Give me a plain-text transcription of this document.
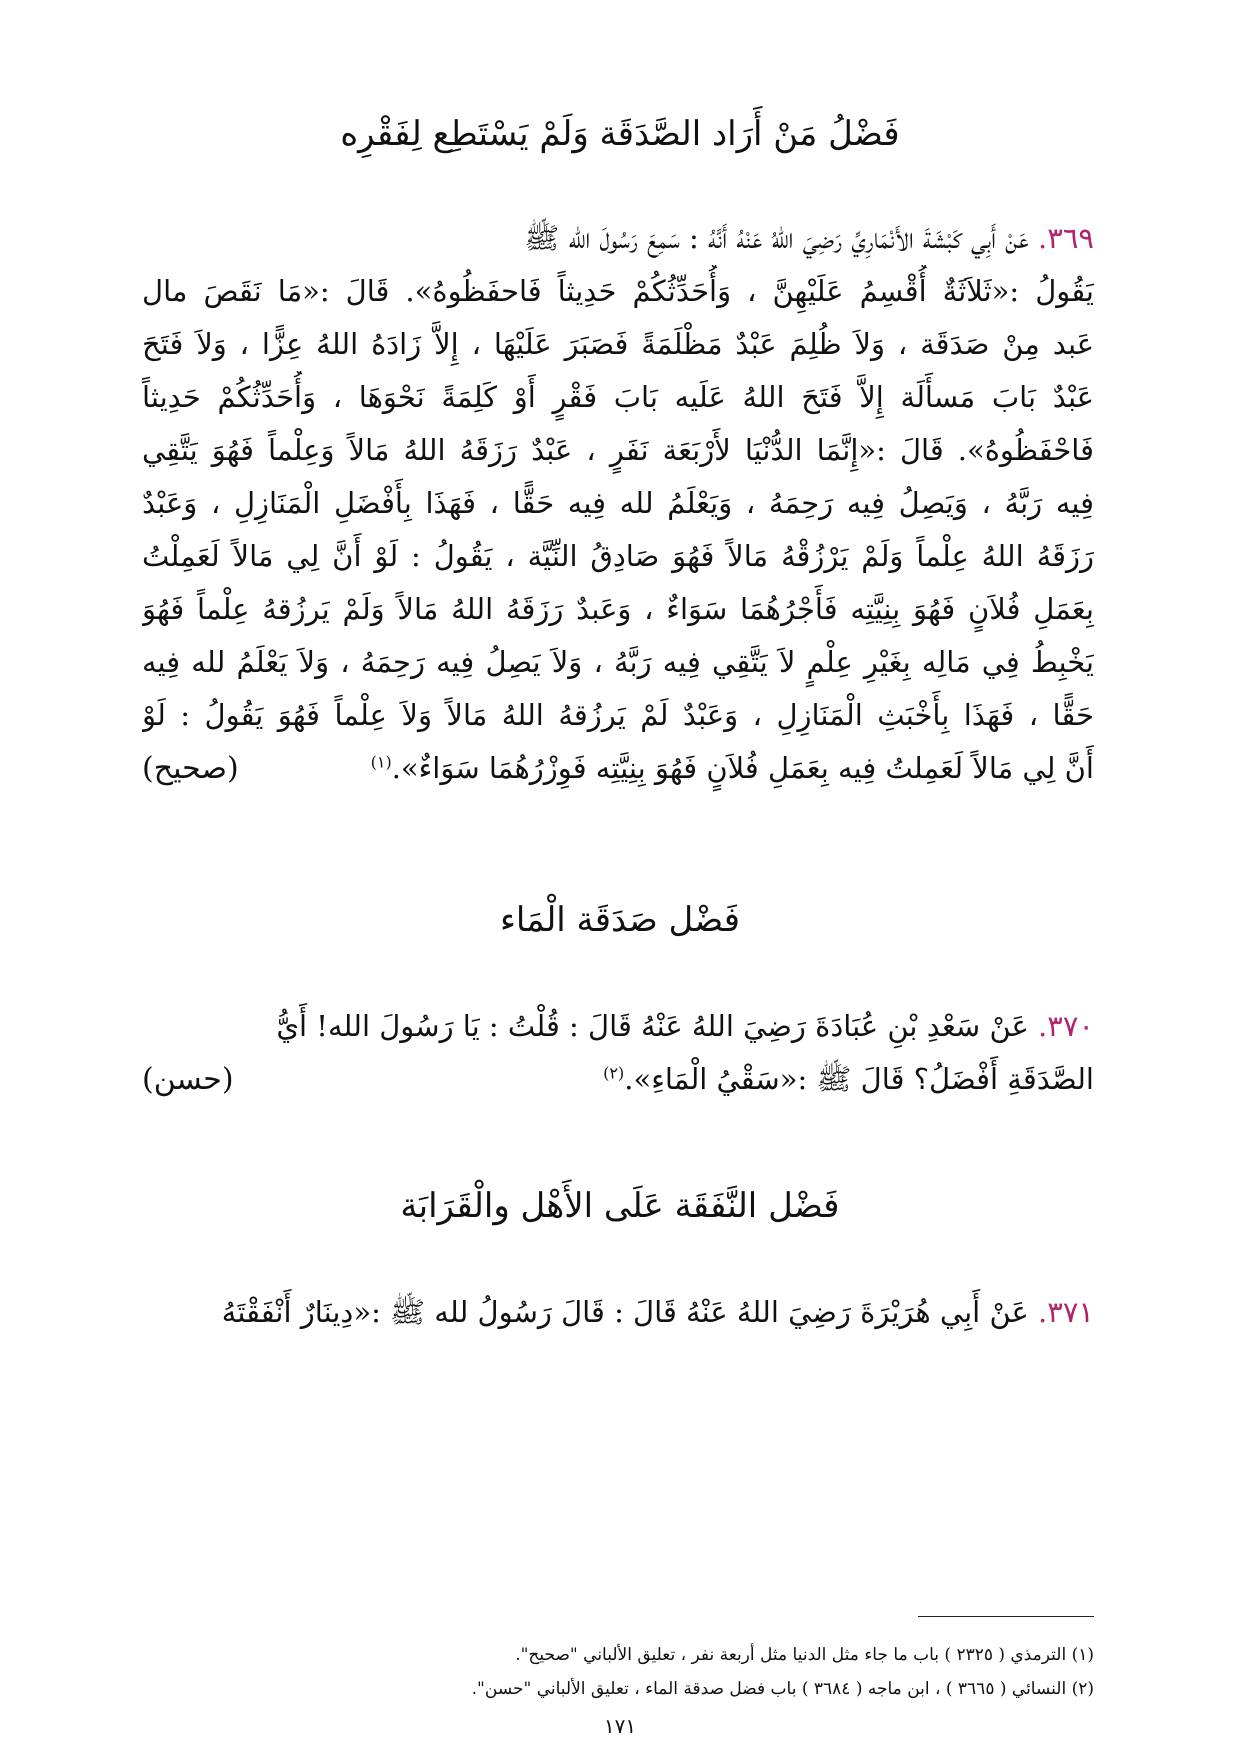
فَضْلُ مَنْ أَرَاد الصَّدَقَة وَلَمْ يَسْتَطِع لِفَقْرِه
٣٦٩. عَنْ أَبِي كَبْشَةَ الأَنْمَارِيِّ رَضِيَ اللهُ عَنْهُ أَنَّهُ : سَمِعَ رَسُولَ الله ﷺ
يَقُولُ :«ثَلاَثَةٌ أُقْسِمُ عَلَيْهِنَّ ، وَأُحَدِّثُكُمْ حَدِيثاً فَاحفَظُوهُ». قَالَ :«مَا نَقَصَ مال
عَبد مِنْ صَدَقَة ، وَلاَ ظُلِمَ عَبْدٌ مَظْلَمَةً فَصَبَرَ عَلَيْهَا ، إِلاَّ زَادَهُ اللهُ عِزًّا ، وَلاَ فَتَحَ
عَبْدٌ بَابَ مَسأَلَة إِلاَّ فَتَحَ اللهُ عَلَيه بَابَ فَقْرٍ أَوْ كَلِمَةً نَحْوَهَا ، وَأُحَدِّثُكُمْ حَدِيثاً
فَاحْفَظُوهُ». قَالَ :«إِنَّمَا الدُّنْيَا لأَرْبَعَة نَفَرٍ ، عَبْدٌ رَزَقَهُ اللهُ مَالاً وَعِلْماً فَهُوَ يَتَّقِي
فِيه رَبَّهُ ، وَيَصِلُ فِيه رَحِمَهُ ، وَيَعْلَمُ لله فِيه حَقًّا ، فَهَذَا بِأَفْضَلِ الْمَنَازِلِ ، وَعَبْدٌ
رَزَقَهُ اللهُ عِلْماً وَلَمْ يَرْزُقْهُ مَالاً فَهُوَ صَادِقُ النِّيَّة ، يَقُولُ : لَوْ أَنَّ لِي مَالاً لَعَمِلْتُ
بِعَمَلِ فُلاَنٍ فَهُوَ بِنِيَّتِه فَأَجْرُهُمَا سَوَاءٌ ، وَعَبدٌ رَزَقَهُ اللهُ مَالاً وَلَمْ يَرزُقهُ عِلْماً فَهُوَ
يَخْبِطُ فِي مَالِه بِغَيْرِ عِلْمٍ لاَ يَتَّقِي فِيه رَبَّهُ ، وَلاَ يَصِلُ فِيه رَحِمَهُ ، وَلاَ يَعْلَمُ لله فِيه
حَقًّا ، فَهَذَا بِأَخْبَثِ الْمَنَازِلِ ، وَعَبْدٌ لَمْ يَرزُقهُ اللهُ مَالاً وَلاَ عِلْماً فَهُوَ يَقُولُ : لَوْ
أَنَّ لِي مَالاً لَعَمِلتُ فِيه بِعَمَلِ فُلاَنٍ فَهُوَ بِنِيَّتِه فَوِزْرُهُمَا سَوَاءٌ».$^{(١)}$
(صحيح)
فَضْل صَدَقَة الْمَاء
٣٧٠. عَنْ سَعْدِ بْنِ عُبَادَةَ رَضِيَ اللهُ عَنْهُ قَالَ : قُلْتُ : يَا رَسُولَ الله! أَيُّ
الصَّدَقَةِ أَفْضَلُ؟ قَالَ ﷺ :«سَقْيُ الْمَاءِ».$^{(٢)}$
(حسن)
فَضْل النَّفَقَة عَلَى الأَهْل والْقَرَابَة
٣٧١. عَنْ أَبِي هُرَيْرَةَ رَضِيَ اللهُ عَنْهُ قَالَ : قَالَ رَسُولُ لله ﷺ :«دِينَارٌ أَنْفَقْتَهُ
(١) الترمذي ( ٢٣٢٥ ) باب ما جاء مثل الدنيا مثل أربعة نفر ، تعليق الألباني "صحيح".
(٢) النسائي ( ٣٦٦٥ ) ، ابن ماجه ( ٣٦٨٤ ) باب فضل صدقة الماء ، تعليق الألباني "حسن".
١٧١
